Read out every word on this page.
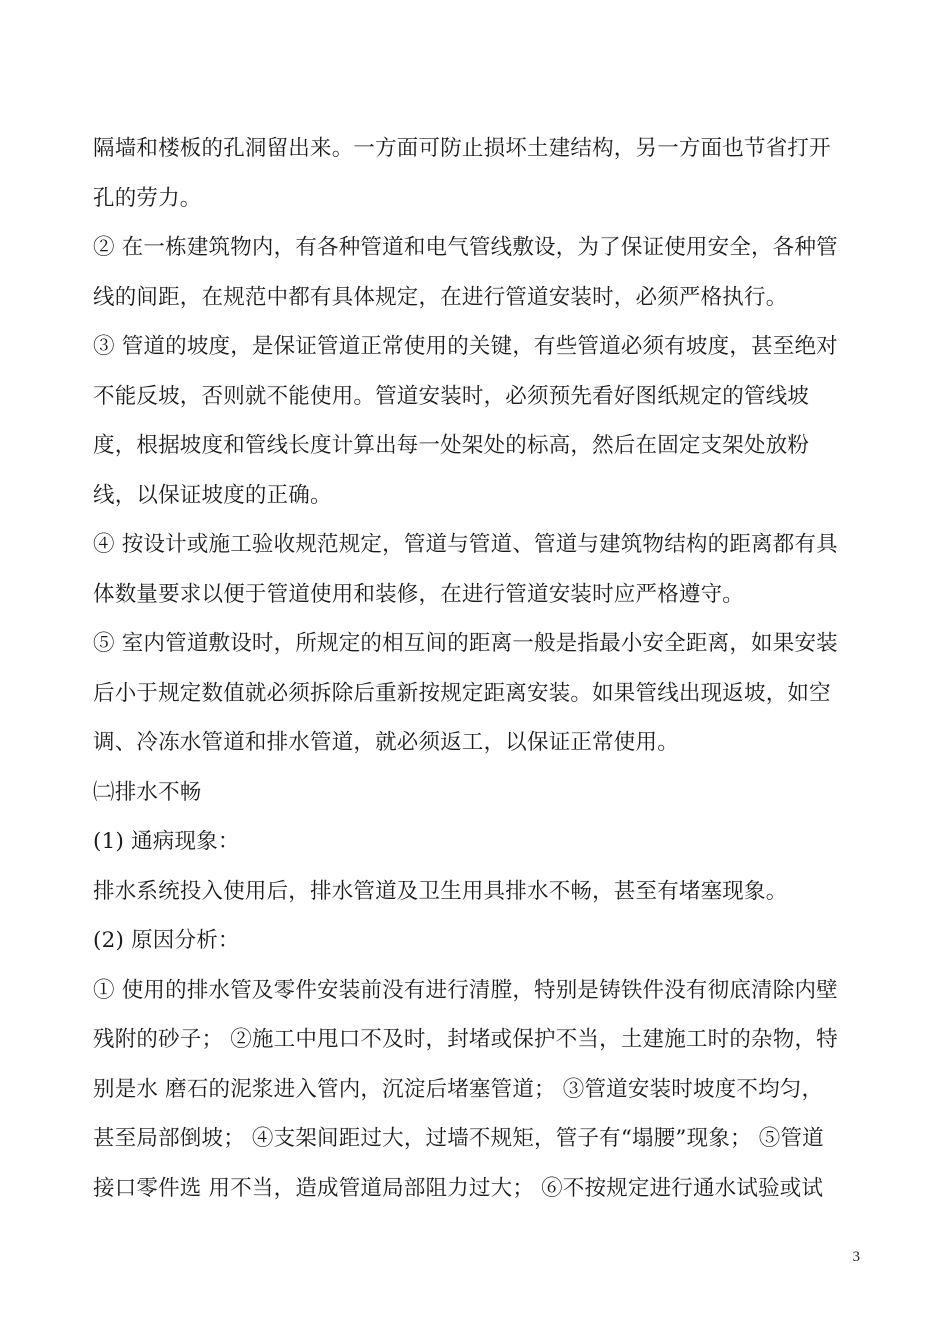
隔墙和楼板的孔洞留出来。一方面可防止损坏土建结构，另一方面也节省打开
孔的劳力。
② 在一栋建筑物内，有各种管道和电气管线敷设，为了保证使用安全，各种管
线的间距，在规范中都有具体规定，在进行管道安装时，必须严格执行。
③ 管道的坡度，是保证管道正常使用的关键，有些管道必须有坡度，甚至绝对
不能反坡，否则就不能使用。管道安装时，必须预先看好图纸规定的管线坡
度，根据坡度和管线长度计算出每一处架处的标高，然后在固定支架处放粉
线，以保证坡度的正确。
④ 按设计或施工验收规范规定，管道与管道、管道与建筑物结构的距离都有具
体数量要求以便于管道使用和装修，在进行管道安装时应严格遵守。
⑤ 室内管道敷设时，所规定的相互间的距离一般是指最小安全距离，如果安装
后小于规定数值就必须拆除后重新按规定距离安装。如果管线出现返坡，如空
调、冷冻水管道和排水管道，就必须返工，以保证正常使用。
㈡排水不畅
(1) 通病现象：
排水系统投入使用后，排水管道及卫生用具排水不畅，甚至有堵塞现象。
(2) 原因分析：
① 使用的排水管及零件安装前没有进行清膛，特别是铸铁件没有彻底清除内壁
残附的砂子； ②施工中甩口不及时，封堵或保护不当，土建施工时的杂物，特
别是水 磨石的泥浆进入管内，沉淀后堵塞管道； ③管道安装时坡度不均匀，
甚至局部倒坡； ④支架间距过大，过墙不规矩，管子有“塌腰”现象； ⑤管道
接口零件选 用不当，造成管道局部阻力过大； ⑥不按规定进行通水试验或试
3
